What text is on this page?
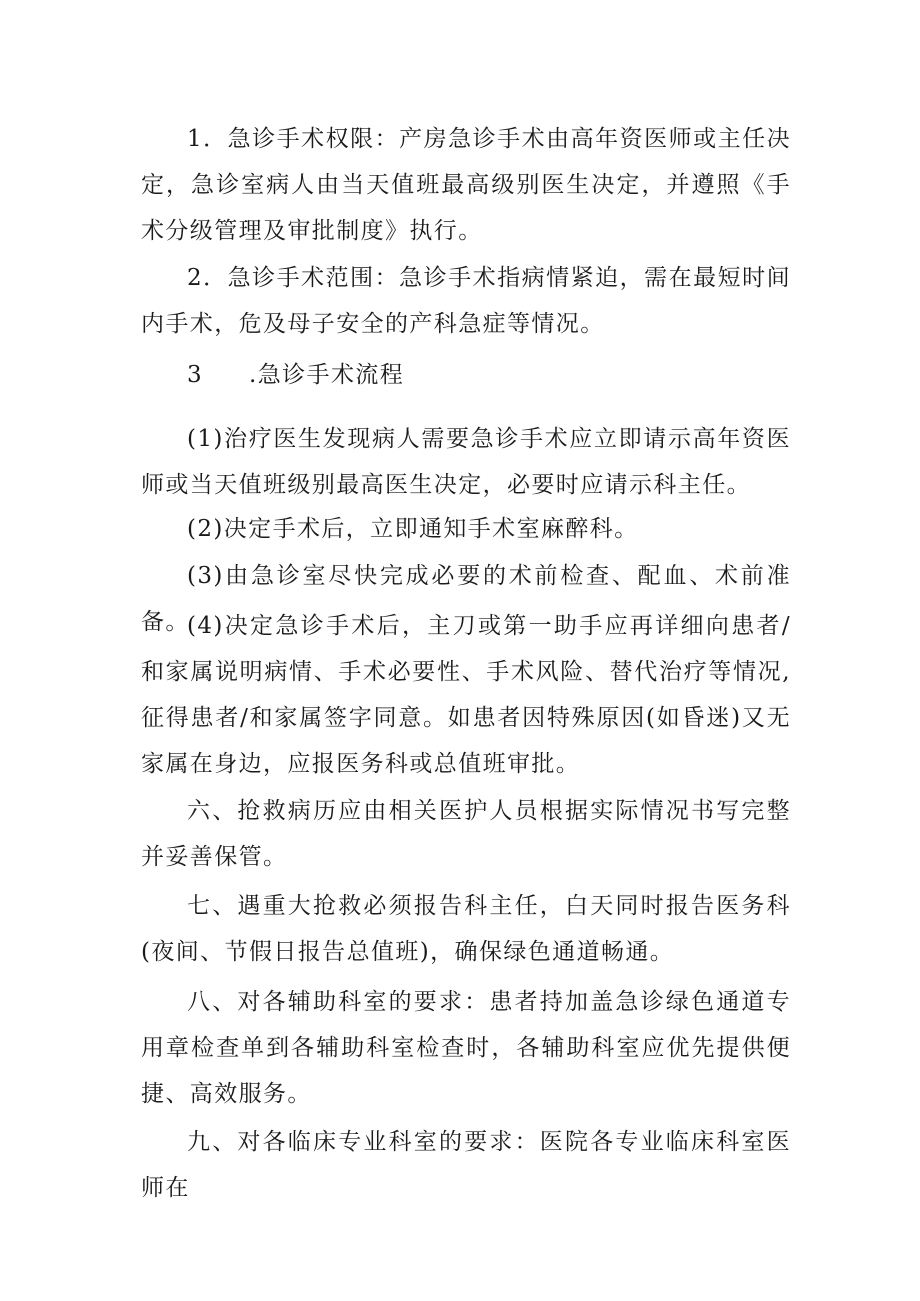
1．急诊手术权限：产房急诊手术由高年资医师或主任决定，急诊室病人由当天值班最高级别医生决定，并遵照《手术分级管理及审批制度》执行。

2．急诊手术范围：急诊手术指病情紧迫，需在最短时间内手术，危及母子安全的产科急症等情况。

3 .急诊手术流程

(1)治疗医生发现病人需要急诊手术应立即请示高年资医师或当天值班级别最高医生决定，必要时应请示科主任。

(2)决定手术后，立即通知手术室麻醉科。

(3)由急诊室尽快完成必要的术前检查、配血、术前准备。

(4)决定急诊手术后，主刀或第一助手应再详细向患者/和家属说明病情、手术必要性、手术风险、替代治疗等情况,征得患者/和家属签字同意。如患者因特殊原因(如昏迷)又无家属在身边，应报医务科或总值班审批。

六、抢救病历应由相关医护人员根据实际情况书写完整并妥善保管。

七、遇重大抢救必须报告科主任，白天同时报告医务科(夜间、节假日报告总值班)，确保绿色通道畅通。

八、对各辅助科室的要求：患者持加盖急诊绿色通道专用章检查单到各辅助科室检查时，各辅助科室应优先提供便捷、高效服务。

九、对各临床专业科室的要求：医院各专业临床科室医师在
